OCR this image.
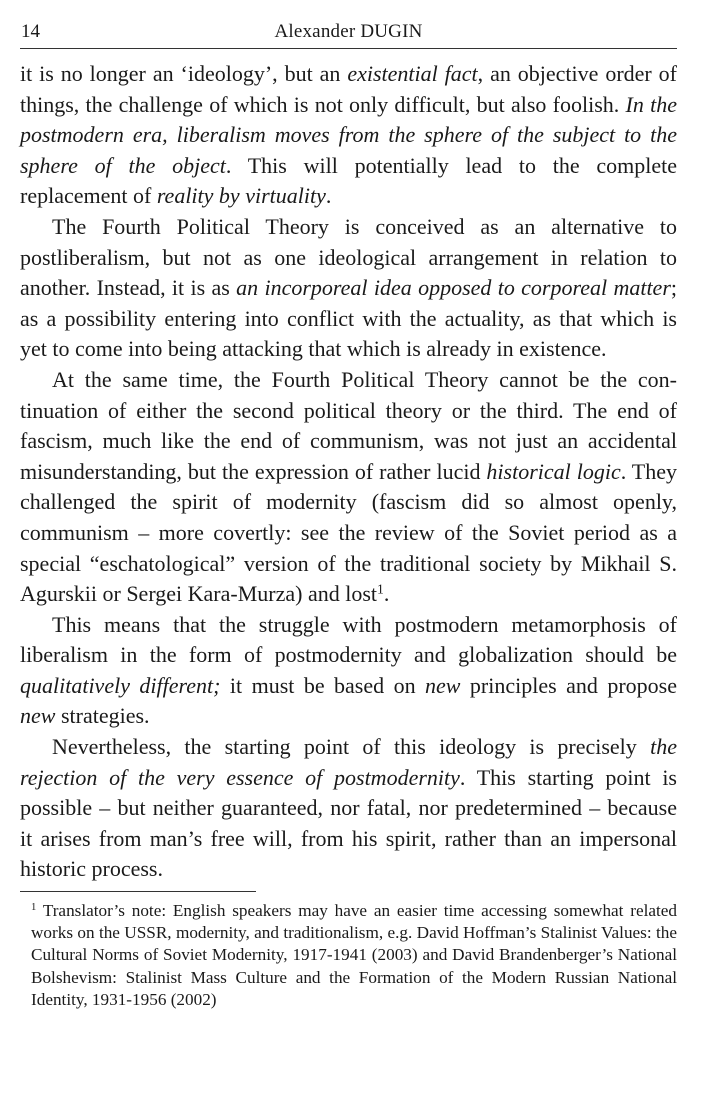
14	Alexander DUGIN

it is no longer an ‘ideology’, but an existential fact, an objective order of things, the challenge of which is not only difficult, but also foolish. In the postmodern era, liberalism moves from the sphere of the subject to the sphere of the object. This will potentially lead to the complete replacement of reality by virtuality.

The Fourth Political Theory is conceived as an alternative to postliberalism, but not as one ideological arrangement in relation to another. Instead, it is as an incorporeal idea opposed to corporeal matter; as a possibility entering into conflict with the actuality, as that which is yet to come into being attacking that which is already in existence.

At the same time, the Fourth Political Theory cannot be the continuation of either the second political theory or the third. The end of fascism, much like the end of communism, was not just an accidental misunderstanding, but the expression of rather lucid historical logic. They challenged the spirit of modernity (fascism did so almost openly, communism – more covertly: see the review of the Soviet period as a special “eschatological” version of the traditional society by Mikhail S. Agurskii or Sergei Kara-Murza) and lost$^1$.

This means that the struggle with postmodern metamorphosis of liberalism in the form of postmodernity and globalization should be qualitatively different; it must be based on new principles and propose new strategies.

Nevertheless, the starting point of this ideology is precisely the rejection of the very essence of postmodernity. This starting point is possible – but neither guaranteed, nor fatal, nor predetermined – because it arises from man’s free will, from his spirit, rather than an impersonal historic process.

$^1$ Translator’s note: English speakers may have an easier time accessing somewhat related works on the USSR, modernity, and traditionalism, e.g. David Hoffman’s Stalinist Values: the Cultural Norms of Soviet Modernity, 1917-1941 (2003) and David Brandenberger’s National Bolshevism: Stalinist Mass Culture and the Formation of the Modern Russian National Identity, 1931-1956 (2002)
